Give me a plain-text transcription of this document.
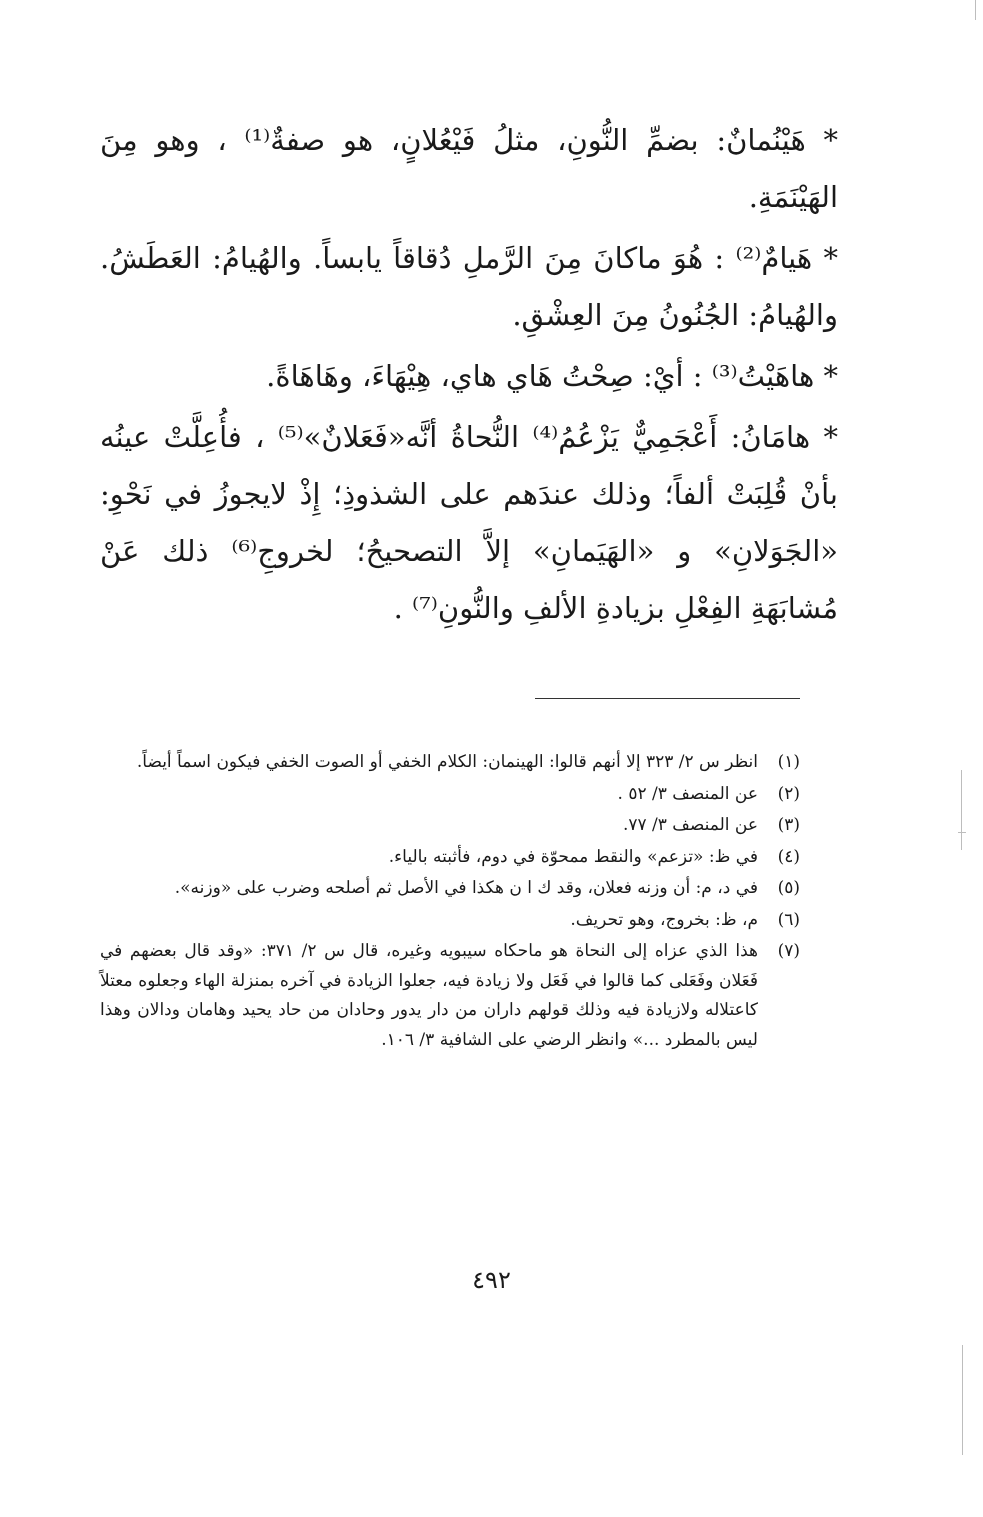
* هَيْنُمانٌ: بضمِّ النُّونِ، مثلُ فَيْعُلانٍ، هو صفةٌ⁽¹⁾ ، وهو مِنَ الهَيْنَمَةِ.

* هَيامٌ⁽²⁾ : هُوَ ماكانَ مِنَ الرَّملِ دُقاقاً يابساً. والهُيامُ: العَطَشُ. والهُيامُ: الجُنُونُ مِنَ العِشْقِ.

* هاهَيْتُ⁽³⁾ : أيْ: صِحْتُ هَاي هاي، هِيْهَاءَ، وهَاهَاةً.

* هامَانُ: أَعْجَمِيٌّ يَزْعُمُ⁽⁴⁾ النُّحاةُ أنَّه«فَعَلانٌ»⁽⁵⁾ ، فأُعِلَّتْ عينُه بأنْ قُلِبَتْ ألفاً؛ وذلك عندَهم على الشذوذِ؛ إِذْ لايجوزُ في نَحْوِ: «الجَوَلانِ» و «الهَيَمانِ» إلاَّ التصحيحُ؛ لخروجِ⁽⁶⁾ ذلك عَنْ مُشابَهَةِ الفِعْلِ بزيادةِ الألفِ والنُّونِ⁽⁷⁾ .

(١)
انظر س ٢/ ٣٢٣ إلا أنهم قالوا: الهينمان: الكلام الخفي أو الصوت الخفي فيكون اسماً أيضاً.
(٢)
عن المنصف ٣/ ٥٢ .
(٣)
عن المنصف ٣/ ٧٧.
(٤)
في ظ: «تزعم» والنقط ممحوّة في دوم، فأثبته بالياء.
(٥)
في د، م: أن وزنه فعلان، وقد ك ا ن هكذا في الأصل ثم أصلحه وضرب على «وزنه».
(٦)
م، ظ: بخروج، وهو تحريف.
(٧)
هذا الذي عزاه إلى النحاة هو ماحكاه سيبويه وغيره، قال س ٢/ ٣٧١: «وقد قال بعضهم في فَعَلان وفَعَلى كما قالوا في فَعَل ولا زيادة فيه، جعلوا الزيادة في آخره بمنزلة الهاء وجعلوه معتلاً كاعتلاله ولازيادة فيه وذلك قولهم داران من دار يدور وحادان من حاد يحيد وهامان ودالان وهذا ليس بالمطرد ...» وانظر الرضي على الشافية ٣/ ١٠٦.
٤٩٢
